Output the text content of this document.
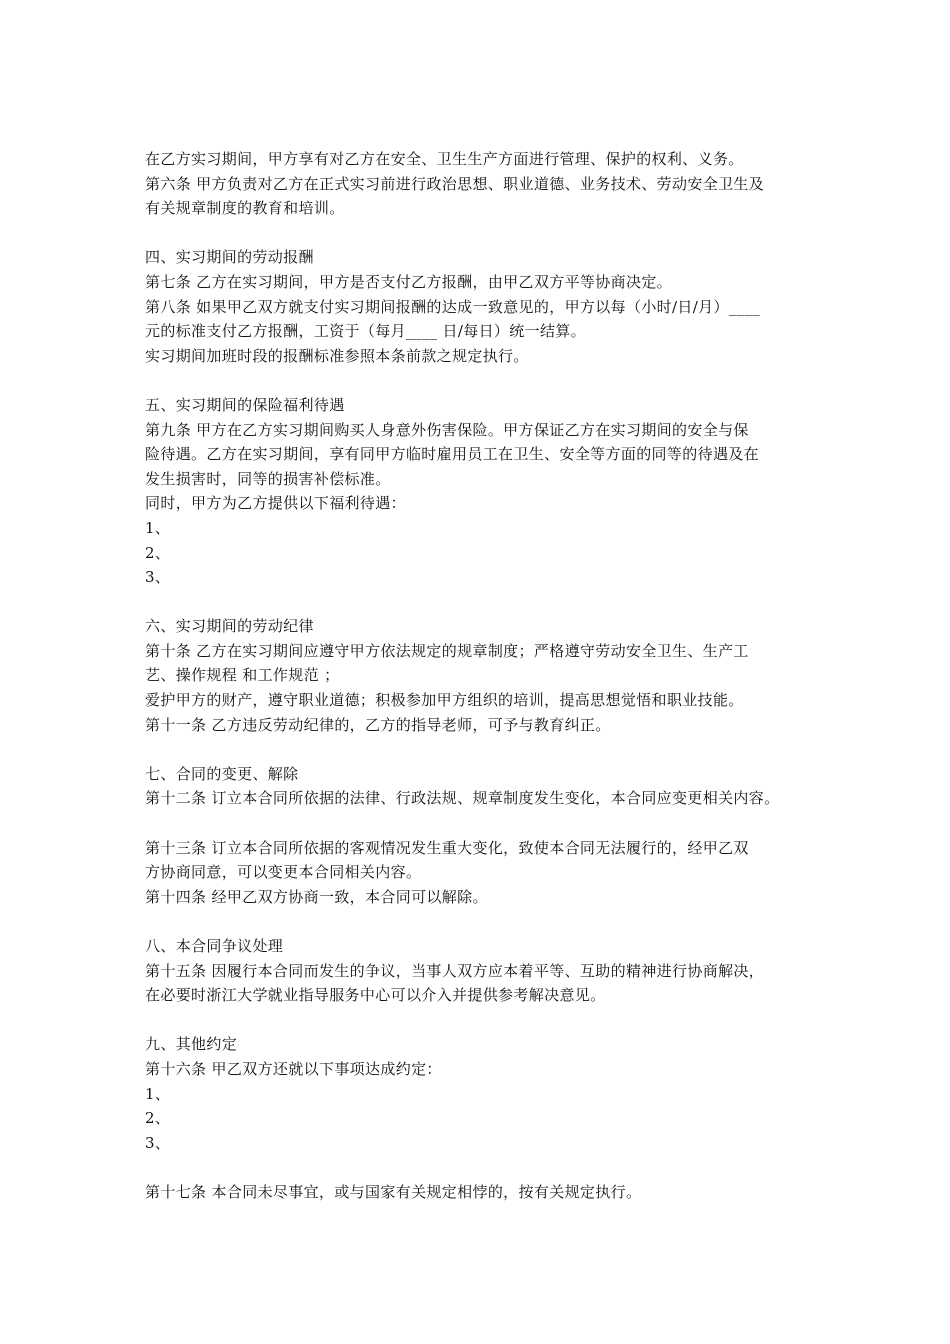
在乙方实习期间，甲方享有对乙方在安全、卫生生产方面进行管理、保护的权利、义务。
第六条 甲方负责对乙方在正式实习前进行政治思想、职业道德、业务技术、劳动安全卫生及
有关规章制度的教育和培训。
四、实习期间的劳动报酬
第七条 乙方在实习期间，甲方是否支付乙方报酬，由甲乙双方平等协商决定。
第八条 如果甲乙双方就支付实习期间报酬的达成一致意见的，甲方以每（小时/日/月）____
元的标准支付乙方报酬，工资于（每月____ 日/每日）统一结算。
实习期间加班时段的报酬标准参照本条前款之规定执行。
五、实习期间的保险福利待遇
第九条 甲方在乙方实习期间购买人身意外伤害保险。甲方保证乙方在实习期间的安全与保
险待遇。乙方在实习期间，享有同甲方临时雇用员工在卫生、安全等方面的同等的待遇及在
发生损害时，同等的损害补偿标准。
同时，甲方为乙方提供以下福利待遇：
1、
2、
3、
六、实习期间的劳动纪律
第十条 乙方在实习期间应遵守甲方依法规定的规章制度；严格遵守劳动安全卫生、生产工
艺、操作规程 和工作规范 ；
爱护甲方的财产，遵守职业道德；积极参加甲方组织的培训，提高思想觉悟和职业技能。
第十一条 乙方违反劳动纪律的，乙方的指导老师，可予与教育纠正。
七、合同的变更、解除
第十二条 订立本合同所依据的法律、行政法规、规章制度发生变化，本合同应变更相关内容。
第十三条 订立本合同所依据的客观情况发生重大变化，致使本合同无法履行的，经甲乙双
方协商同意，可以变更本合同相关内容。
第十四条 经甲乙双方协商一致，本合同可以解除。
八、本合同争议处理
第十五条 因履行本合同而发生的争议，当事人双方应本着平等、互助的精神进行协商解决，
在必要时浙江大学就业指导服务中心可以介入并提供参考解决意见。
九、其他约定
第十六条 甲乙双方还就以下事项达成约定：
1、
2、
3、
第十七条 本合同未尽事宜，或与国家有关规定相悖的，按有关规定执行。
